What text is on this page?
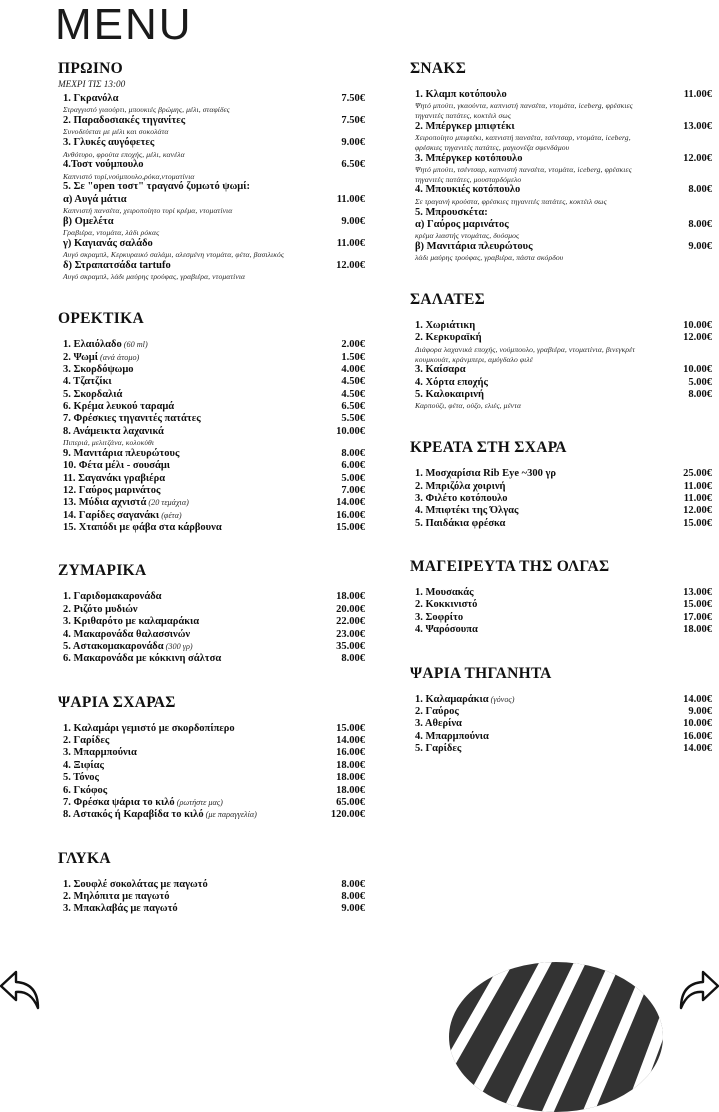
MENU
ΠΡΩΙΝΟ
ΜΕΧΡΙ ΤΙΣ 13:00
1. Γκρανόλα	7.50€
Στραγγιστό γιαούρτι, μπουκιές βρώμης, μέλι, σταφίδες
2. Παραδοσιακές τηγανίτες	7.50€
Συνοδεύεται με μέλι και σοκολάτα
3. Γλυκές αυγόφετες	9.00€
Ανθότυρο, φρούτα εποχής, μέλι, κανέλα
4.Τοστ νούμπουλο	6.50€
Καπνιστό τυρί,νούμπουλο,ρόκα,ντοματίνια
5. Σε "open τοστ" τραγανό ζυμωτό ψωμί:
α) Αυγά μάτια	11.00€
Καπνιστή πανσέτα, χειροποίητο τυρί κρέμα, ντοματίνια
β) Ομελέτα	9.00€
Γραβιέρα, ντομάτα, λάδι ρόκας
γ) Καγιανάς σαλάδο	11.00€
Αυγό σκραμπλ, Κερκυραικό σαλάμι, αλεσμένη ντομάτα, φέτα, βασιλικός
δ) Στραπατσάδα tartufo	12.00€
Αυγό σκραμπλ, λάδι μαύρης τρούφας, γραβιέρα, ντοματίνια
ΟΡΕΚΤΙΚΑ
1. Ελαιόλαδο (60 ml)	2.00€
2. Ψωμί (ανά άτομο)	1.50€
3. Σκορδόψωμο	4.00€
4. Τζατζίκι	4.50€
5. Σκορδαλιά	4.50€
6. Κρέμα λευκού ταραμά	6.50€
7. Φρέσκιες τηγανιτές πατάτες	5.50€
8. Ανάμεικτα λαχανικά	10.00€
Πιπεριά, μελιτζάνα, κολοκύθι
9. Μανιτάρια πλευρώτους	8.00€
10. Φέτα μέλι - σουσάμι	6.00€
11. Σαγανάκι γραβιέρα	5.00€
12. Γαύρος μαρινάτος	7.00€
13. Μύδια αχνιστά (20 τεμάχια)	14.00€
14. Γαρίδες σαγανάκι (φέτα)	16.00€
15. Χταπόδι με φάβα στα κάρβουνα	15.00€
ΖΥΜΑΡΙΚΑ
1. Γαριδομακαρονάδα	18.00€
2. Ριζότο μυδιών	20.00€
3. Κριθαρότο με καλαμαράκια	22.00€
4. Μακαρονάδα θαλασσινών	23.00€
5. Αστακομακαρονάδα (300 γρ)	35.00€
6. Μακαρονάδα με κόκκινη σάλτσα	8.00€
ΨΑΡΙΑ ΣΧΑΡΑΣ
1. Καλαμάρι γεμιστό με σκορδοπίπερο	15.00€
2. Γαρίδες	14.00€
3. Μπαρμπούνια	16.00€
4. Ξιφίας	18.00€
5. Τόνος	18.00€
6. Γκόφος	18.00€
7. Φρέσκα ψάρια το κιλό (ρωτήστε μας)	65.00€
8. Αστακός ή Καραβίδα το κιλό (με παραγγελία)	120.00€
ΓΛΥΚΑ
1. Σουφλέ σοκολάτας με παγωτό	8.00€
2. Μηλόπιτα με παγωτό	8.00€
3. Μπακλαβάς με παγωτό	9.00€
ΣΝΑΚΣ
1. Κλαμπ κοτόπουλο	11.00€
Ψητό μπούτι, γκαούντα, καπνιστή πανσέτα, ντομάτα, iceberg, φρέσκιες τηγανιτές πατάτες, κοκτέιλ σως
2. Μπέργκερ μπιφτέκι	13.00€
Χειροποίητο μπιφτέκι, καπνιστή πανσέτα, τσέντσαρ, ντομάτα, iceberg, φρέσκιες τηγανιτές πατάτες, μαγιονέζα σφενδάμου
3. Μπέργκερ κοτόπουλο	12.00€
Ψητό μπούτι, τσέντσαρ, καπνιστή πανσέτα, ντομάτα, iceberg, φρέσκιες τηγανιτές πατάτες, μουσταρδόμελο
4. Μπουκιές κοτόπουλο	8.00€
Σε τραγανή κρούστα, φρέσκιες τηγανιτές πατάτες, κοκτέιλ σως
5. Μπρουσκέτα:
α) Γαύρος μαρινάτος	8.00€
κρέμα λιαστής ντομάτας, δυόσμος
β) Μανιτάρια πλευρώτους	9.00€
λάδι μαύρης τρούφας, γραβιέρα, πάστα σκόρδου
ΣΑΛΑΤΕΣ
1. Χωριάτικη	10.00€
2. Κερκυραϊκή	12.00€
Διάφορα λαχανικά εποχής, νούμπουλο, γραβιέρα, ντοματίνια, βινεγκρέτ κουμκουάτ, κράνμπερι, αμύγδαλο φιλέ
3. Καίσαρα	10.00€
4. Χόρτα εποχής	5.00€
5. Καλοκαιρινή	8.00€
Καρπούζι, φέτα, ούζο, ελιές, μέντα
ΚΡΕΑΤΑ ΣΤΗ ΣΧΑΡΑ
1. Μοσχαρίσια Rib Eye ~300 γρ	25.00€
2. Μπριζόλα χοιρινή	11.00€
3. Φιλέτο κοτόπουλο	11.00€
4. Μπιφτέκι της Όλγας	12.00€
5. Παιδάκια φρέσκα	15.00€
ΜΑΓΕΙΡΕΥΤΑ ΤΗΣ ΟΛΓΑΣ
1. Μουσακάς	13.00€
2. Κοκκινιστό	15.00€
3. Σοφρίτο	17.00€
4. Ψαρόσουπα	18.00€
ΨΑΡΙΑ ΤΗΓΑΝΗΤΑ
1. Καλαμαράκια (γόνος)	14.00€
2. Γαύρος	9.00€
3. Αθερίνα	10.00€
4. Μπαρμπούνια	16.00€
5. Γαρίδες	14.00€
